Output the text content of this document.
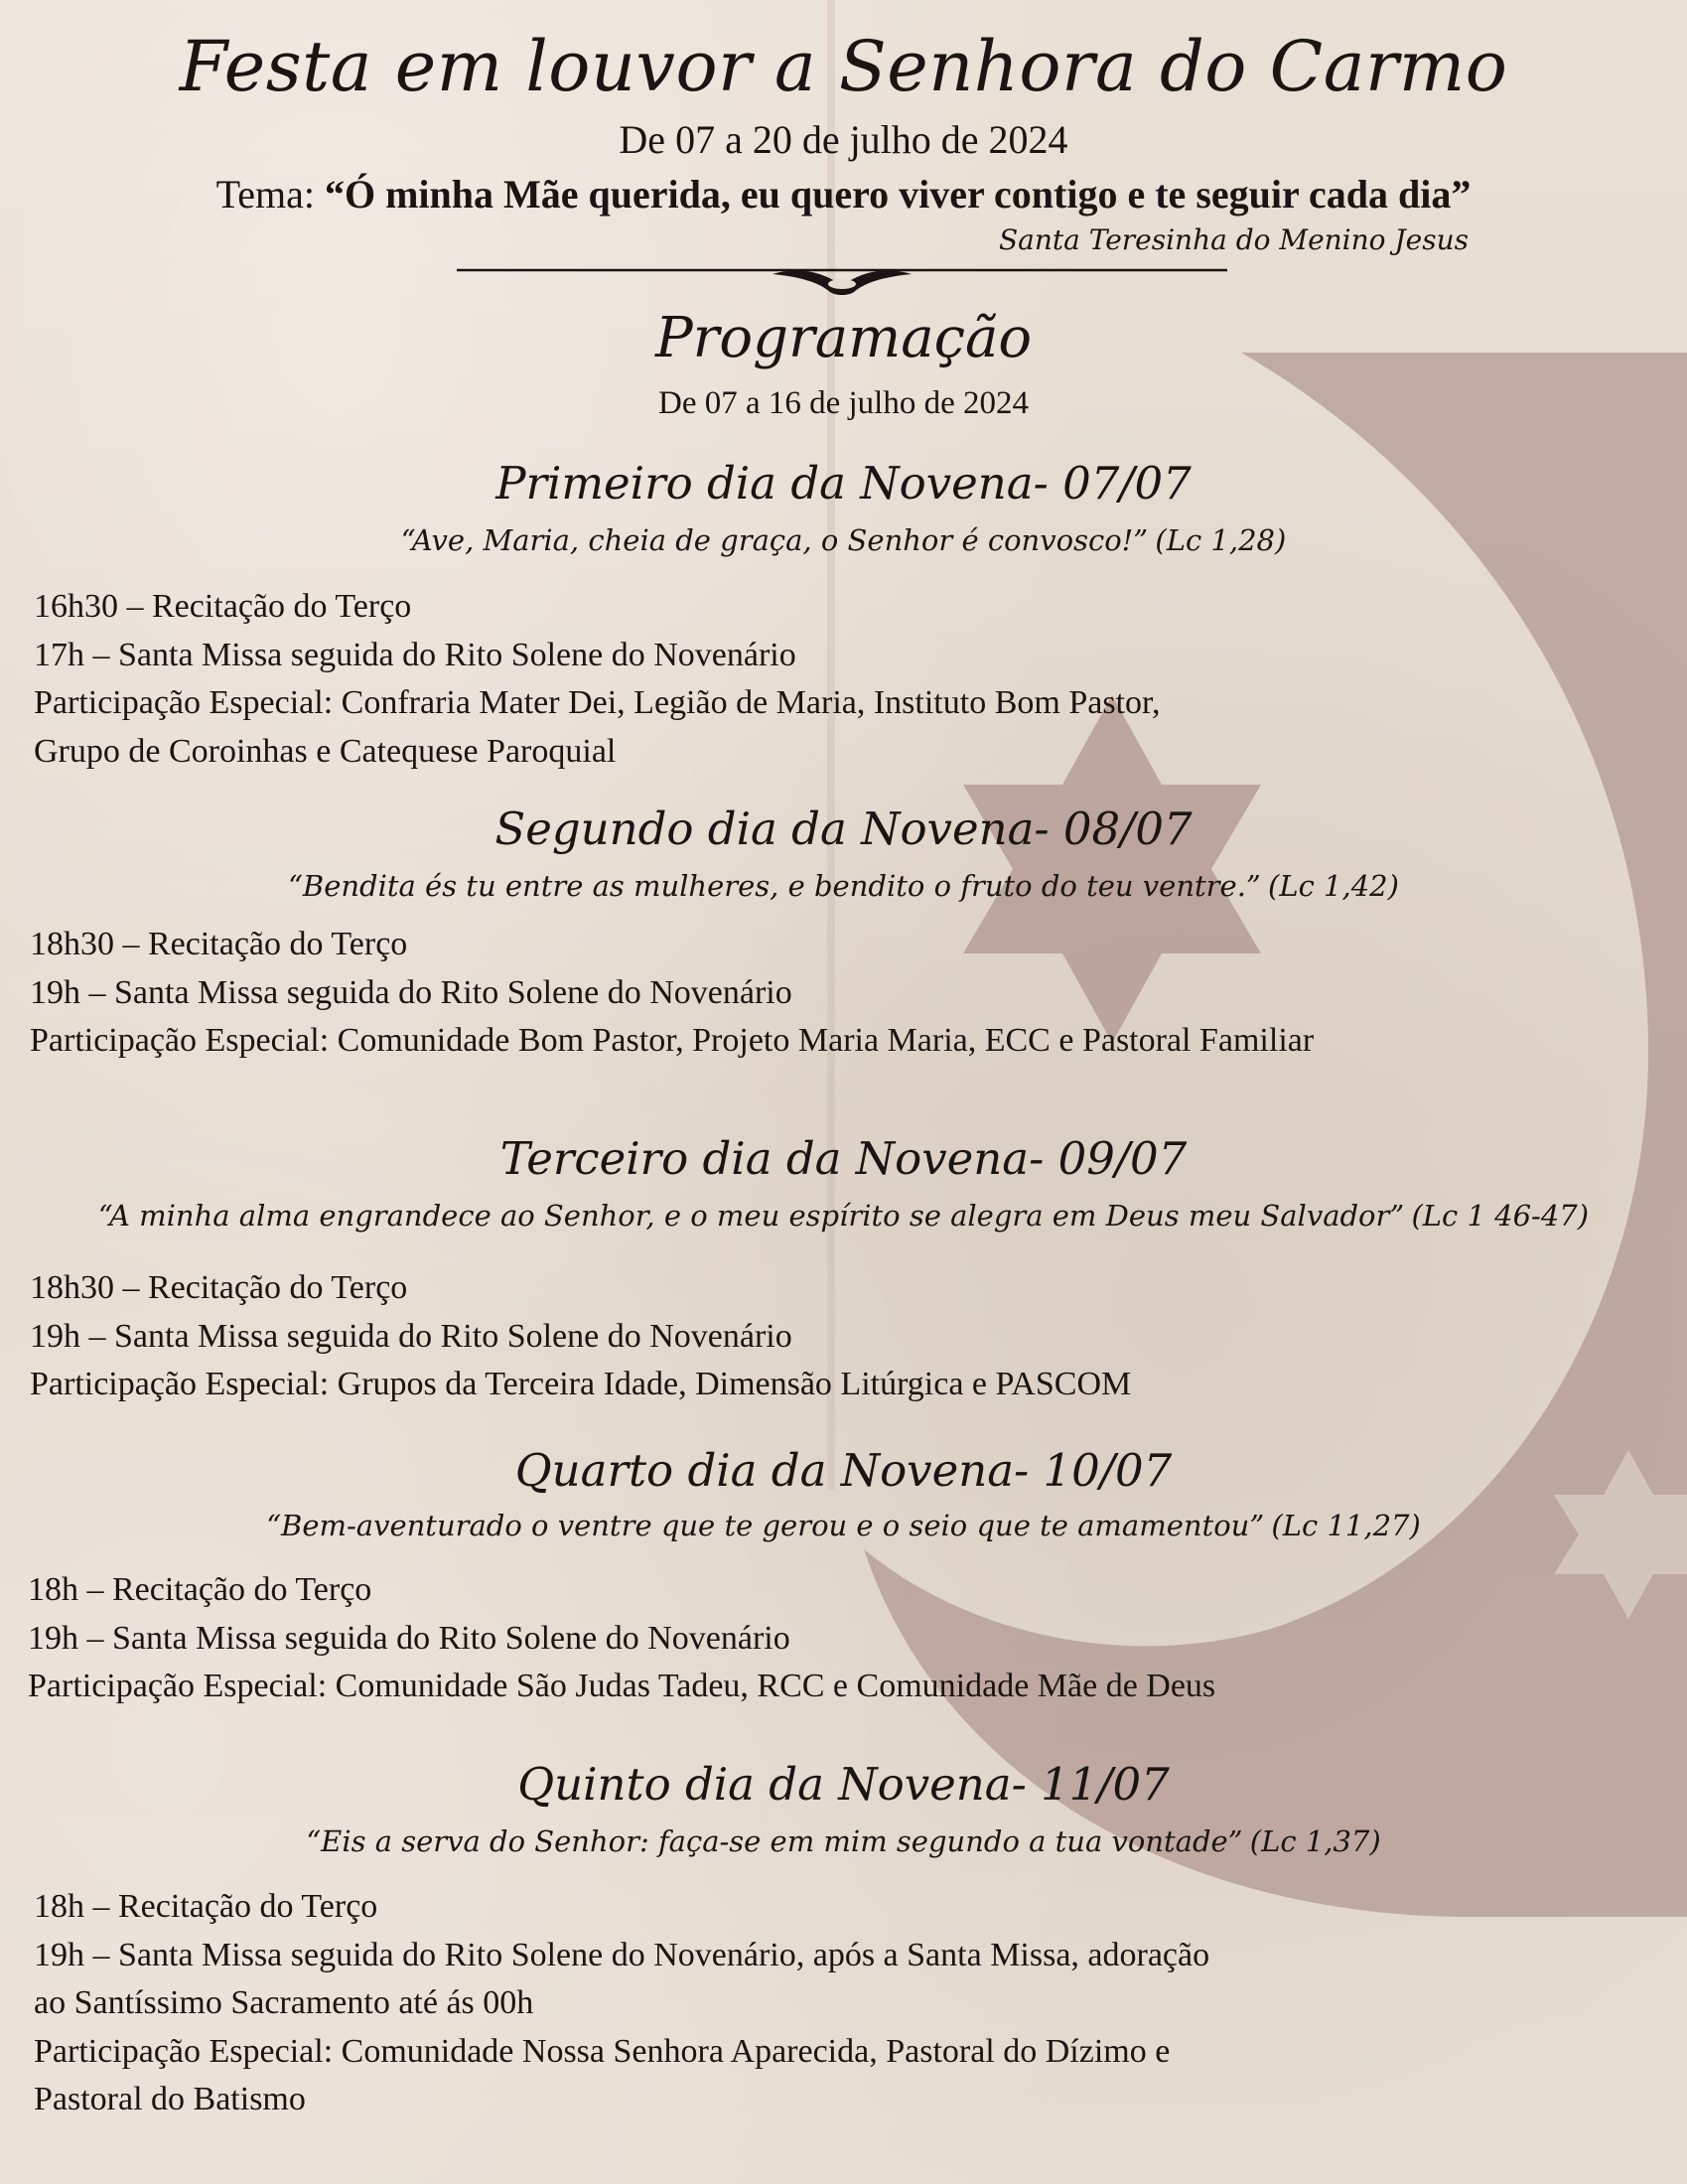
Festa em louvor a Senhora do Carmo
De 07 a 20 de julho de 2024
Tema: “Ó minha Mãe querida, eu quero viver contigo e te seguir cada dia”
Santa Teresinha do Menino Jesus
Programação
De 07 a 16 de julho de 2024
Primeiro dia da Novena- 07/07
“Ave, Maria, cheia de graça, o Senhor é convosco!” (Lc 1,28)
16h30 – Recitação do Terço
17h – Santa Missa seguida do Rito Solene do Novenário
Participação Especial: Confraria Mater Dei, Legião de Maria, Instituto Bom Pastor,
Grupo de Coroinhas e Catequese Paroquial
Segundo dia da Novena- 08/07
“Bendita és tu entre as mulheres, e bendito o fruto do teu ventre.” (Lc 1,42)
18h30 – Recitação do Terço
19h – Santa Missa seguida do Rito Solene do Novenário
Participação Especial: Comunidade Bom Pastor, Projeto Maria Maria, ECC e Pastoral Familiar
Terceiro dia da Novena- 09/07
“A minha alma engrandece ao Senhor, e o meu espírito se alegra em Deus meu Salvador” (Lc 1 46-47)
18h30 – Recitação do Terço
19h – Santa Missa seguida do Rito Solene do Novenário
Participação Especial: Grupos da Terceira Idade, Dimensão Litúrgica e PASCOM
Quarto dia da Novena- 10/07
“Bem-aventurado o ventre que te gerou e o seio que te amamentou” (Lc 11,27)
18h – Recitação do Terço
19h – Santa Missa seguida do Rito Solene do Novenário
Participação Especial: Comunidade São Judas Tadeu, RCC e Comunidade Mãe de Deus
Quinto dia da Novena- 11/07
“Eis a serva do Senhor: faça-se em mim segundo a tua vontade” (Lc 1,37)
18h – Recitação do Terço
19h – Santa Missa seguida do Rito Solene do Novenário, após a Santa Missa, adoração
ao Santíssimo Sacramento até ás 00h
Participação Especial: Comunidade Nossa Senhora Aparecida, Pastoral do Dízimo e
Pastoral do Batismo
